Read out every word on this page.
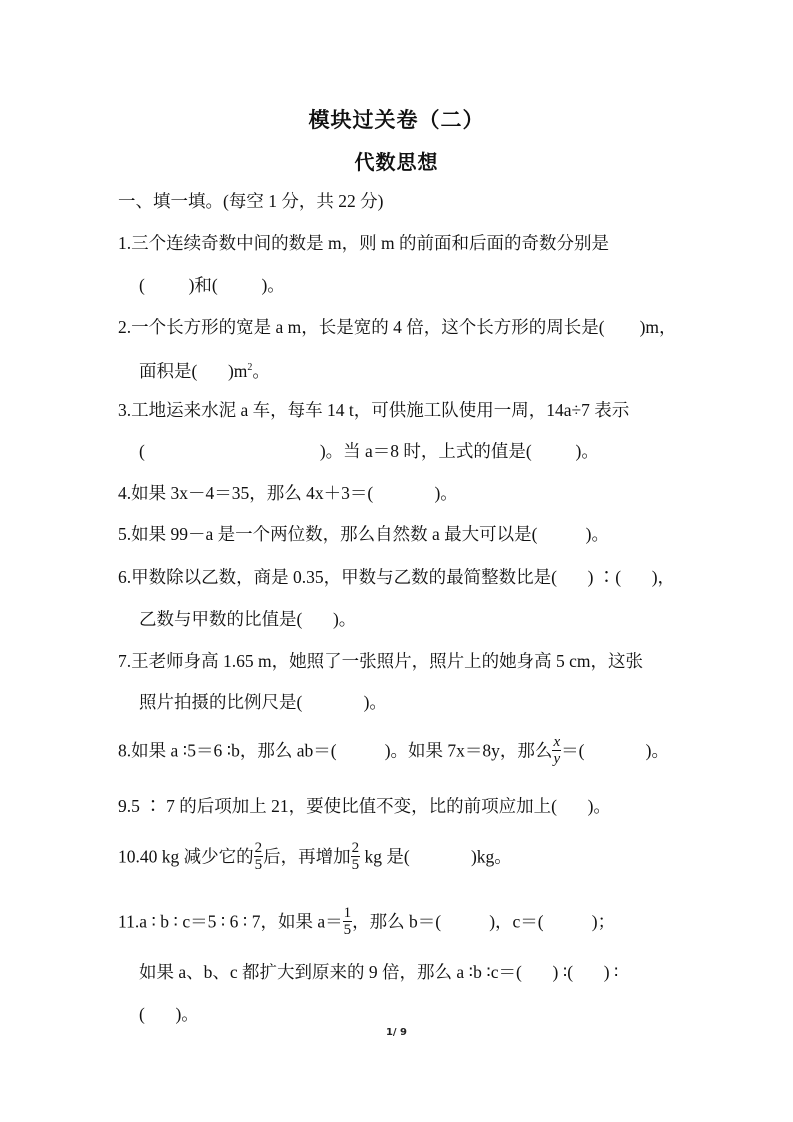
模块过关卷（二）
代数思想
一、填一填。(每空 1 分，共 22 分)
1.三个连续奇数中间的数是 m，则 m 的前面和后面的奇数分别是
(          )和(          )。
2.一个长方形的宽是 a m，长是宽的 4 倍，这个长方形的周长是(        )m，
面积是(       )$m^2$。
3.工地运来水泥 a 车，每车 14 t，可供施工队使用一周，14a÷7 表示
(                                        )。当 a＝8 时，上式的值是(          )。
4.如果 3x－4＝35，那么 4x＋3＝(              )。
5.如果 99－a 是一个两位数，那么自然数 a 最大可以是(           )。
6.甲数除以乙数，商是 0.35，甲数与乙数的最简整数比是(       ) ∶(       )，
乙数与甲数的比值是(       )。
7.王老师身高 1.65 m，她照了一张照片，照片上的她身高 5 cm，这张
照片拍摄的比例尺是(              )。
8.如果 a ∶5＝6 ∶b，那么 ab＝(           )。如果 7x＝8y，那么 $\frac{x}{y}$ ＝(              )。
9.5 ∶ 7 的后项加上 21，要使比值不变，比的前项应加上(       )。
10.40 kg 减少它的 $\frac{2}{5}$ 后，再增加 $\frac{2}{5}$ kg 是(              )kg。
11.a ∶ b ∶ c＝5 ∶ 6 ∶ 7，如果 $a= \frac{1}{5}$ ，那么 b＝(           )，c＝(           )；
如果 a、b、c 都扩大到原来的 9 倍，那么 a ∶b ∶c＝(       ) ∶(       ) ∶
(       )。
1/ 9
